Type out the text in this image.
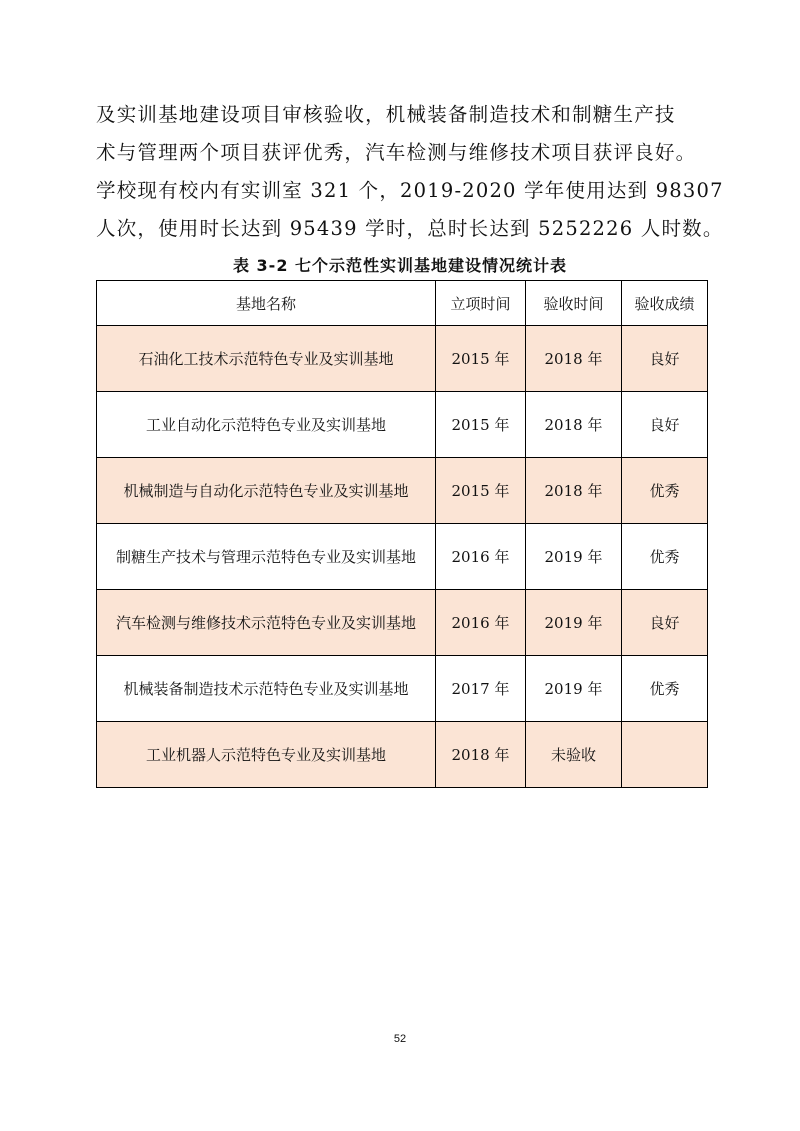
及实训基地建设项目审核验收，机械装备制造技术和制糖生产技

术与管理两个项目获评优秀，汽车检测与维修技术项目获评良好。

学校现有校内有实训室 321 个，2019-2020 学年使用达到 98307

人次，使用时长达到 95439 学时，总时长达到 5252226 人时数。

表 3-2 七个示范性实训基地建设情况统计表
基地名称	立项时间	验收时间	验收成绩
石油化工技术示范特色专业及实训基地	2015 年	2018 年	良好
工业自动化示范特色专业及实训基地	2015 年	2018 年	良好
机械制造与自动化示范特色专业及实训基地	2015 年	2018 年	优秀
制糖生产技术与管理示范特色专业及实训基地	2016 年	2019 年	优秀
汽车检测与维修技术示范特色专业及实训基地	2016 年	2019 年	良好
机械装备制造技术示范特色专业及实训基地	2017 年	2019 年	优秀
工业机器人示范特色专业及实训基地	2018 年	未验收	
52
